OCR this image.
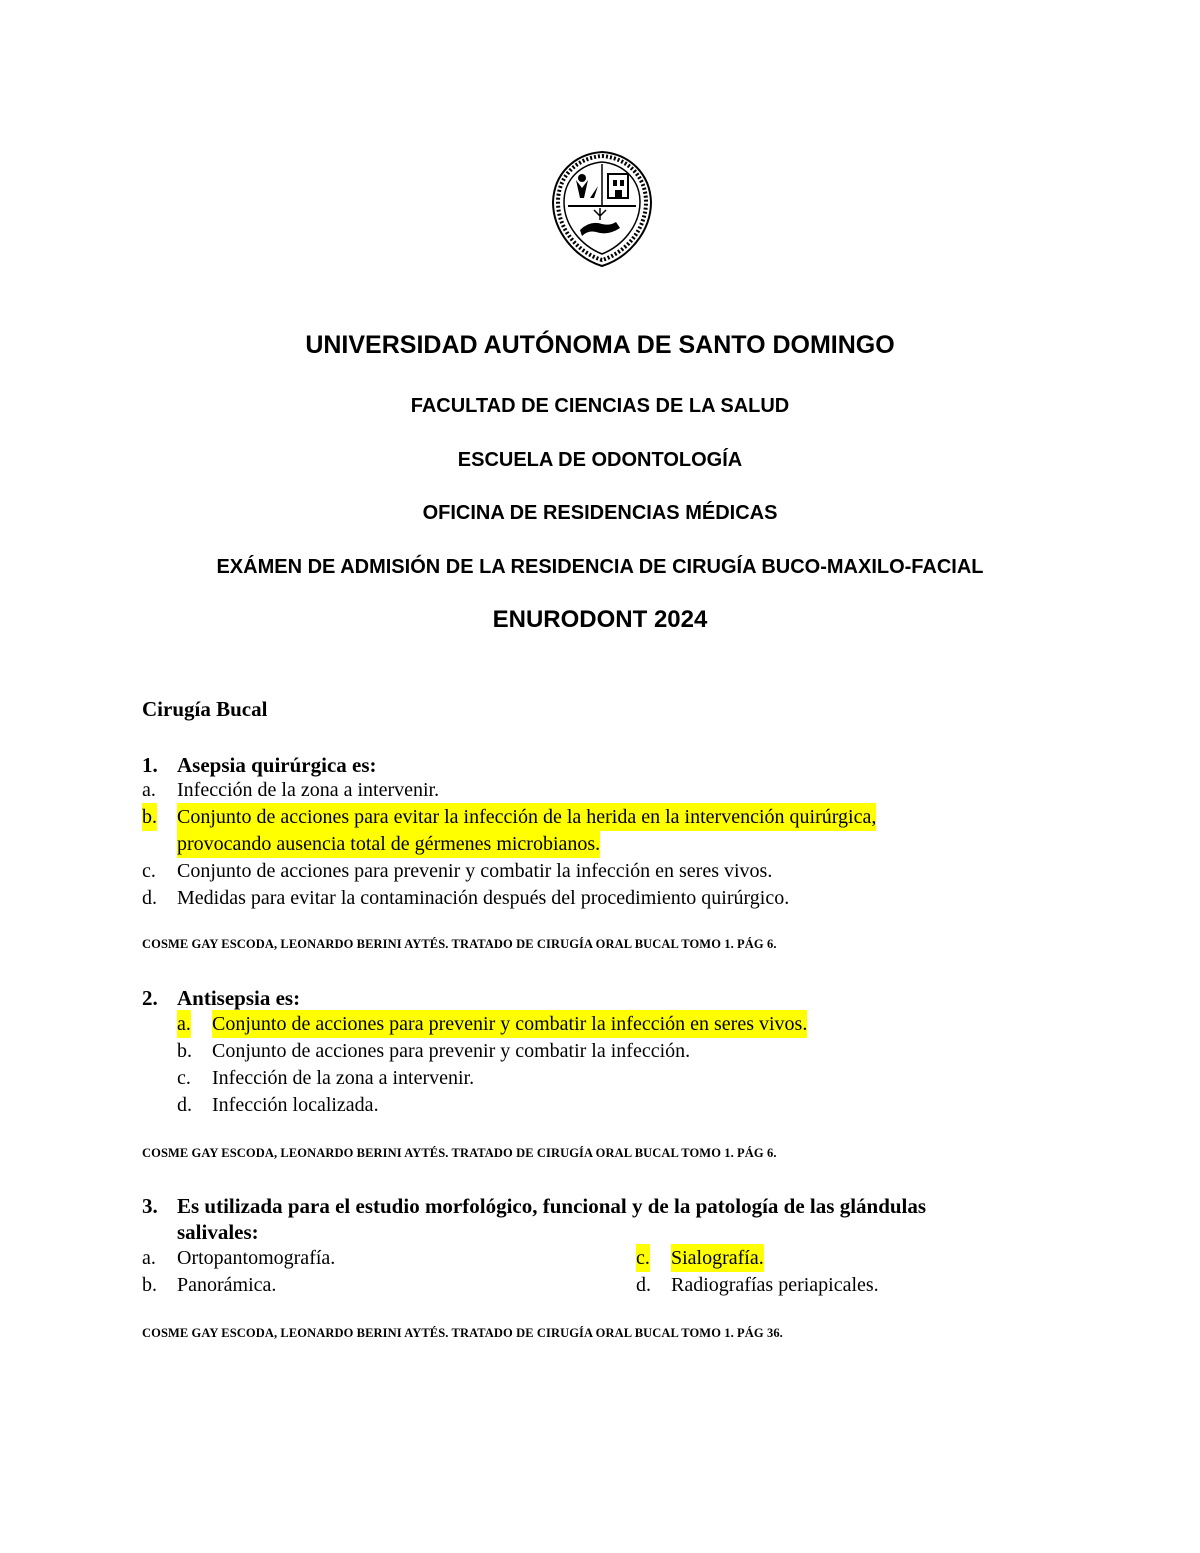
UNIVERSIDAD AUTÓNOMA DE SANTO DOMINGO
FACULTAD DE CIENCIAS DE LA SALUD
ESCUELA DE ODONTOLOGÍA
OFICINA DE RESIDENCIAS MÉDICAS
EXÁMEN DE ADMISIÓN DE LA RESIDENCIA DE CIRUGÍA BUCO-MAXILO-FACIAL
ENURODONT 2024
Cirugía Bucal
1. Asepsia quirúrgica es:
a. Infección de la zona a intervenir.
b. Conjunto de acciones para evitar la infección de la herida en la intervención quirúrgica,
provocando ausencia total de gérmenes microbianos.
c. Conjunto de acciones para prevenir y combatir la infección en seres vivos.
d. Medidas para evitar la contaminación después del procedimiento quirúrgico.
COSME GAY ESCODA, LEONARDO BERINI AYTÉS. TRATADO DE CIRUGÍA ORAL BUCAL TOMO 1. PÁG 6.
2. Antisepsia es:
a. Conjunto de acciones para prevenir y combatir la infección en seres vivos.
b. Conjunto de acciones para prevenir y combatir la infección.
c. Infección de la zona a intervenir.
d. Infección localizada.
COSME GAY ESCODA, LEONARDO BERINI AYTÉS. TRATADO DE CIRUGÍA ORAL BUCAL TOMO 1. PÁG 6.
3. Es utilizada para el estudio morfológico, funcional y de la patología de las glándulas
salivales:
a. Ortopantomografía.
b. Panorámica.
c. Sialografía.
d. Radiografías periapicales.
COSME GAY ESCODA, LEONARDO BERINI AYTÉS. TRATADO DE CIRUGÍA ORAL BUCAL TOMO 1. PÁG 36.
